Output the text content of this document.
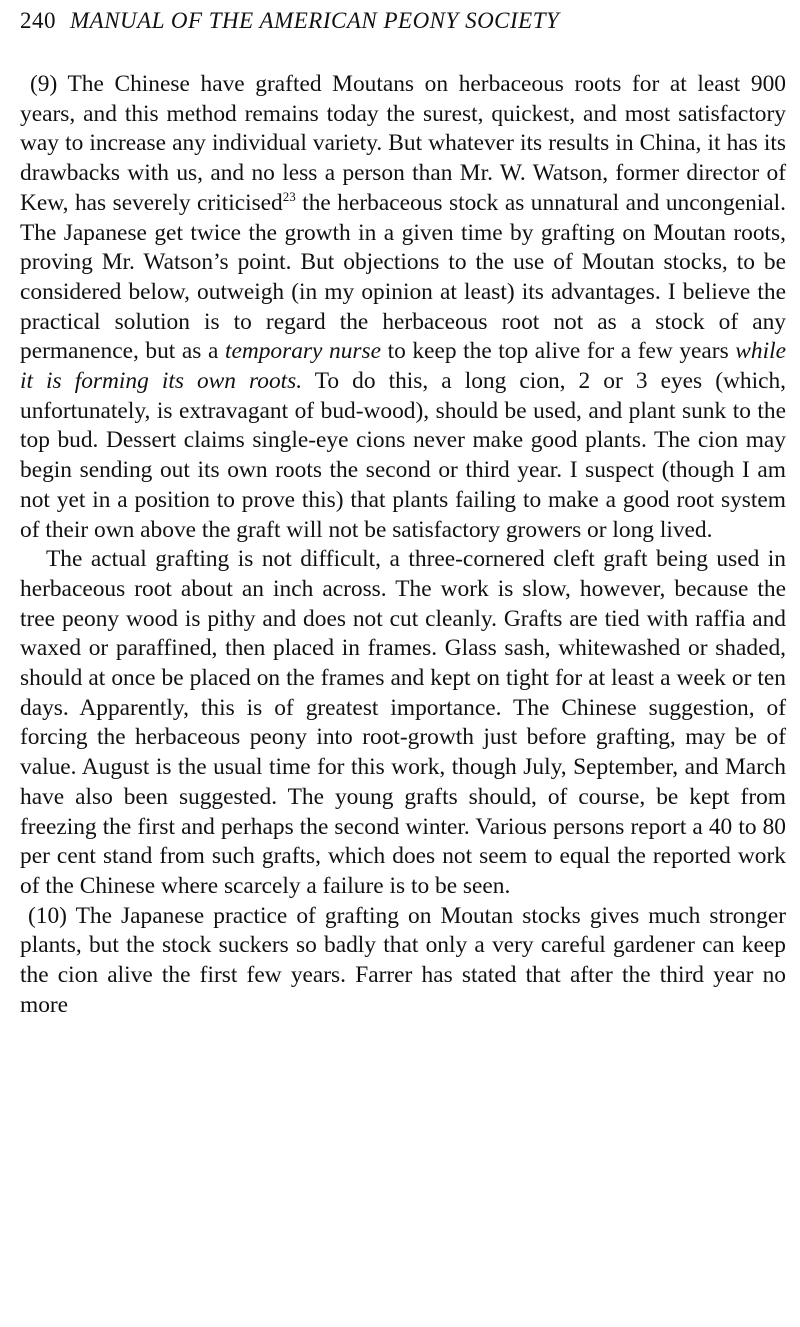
240 MANUAL OF THE AMERICAN PEONY SOCIETY

(9) The Chinese have grafted Moutans on herbaceous roots for at least 900 years, and this method remains today the surest, quickest, and most satisfactory way to increase any individual variety. But whatever its results in China, it has its drawbacks with us, and no less a person than Mr. W. Watson, former director of Kew, has severely criticised$^{23}$ the herbaceous stock as unnatural and uncongenial. The Japanese get twice the growth in a given time by grafting on Moutan roots, proving Mr. Watson’s point. But objections to the use of Moutan stocks, to be considered below, outweigh (in my opinion at least) its advantages. I believe the practical solution is to regard the herbaceous root not as a stock of any permanence, but as a temporary nurse to keep the top alive for a few years while it is forming its own roots. To do this, a long cion, 2 or 3 eyes (which, unfortunately, is extravagant of bud-wood), should be used, and plant sunk to the top bud. Dessert claims single-eye cions never make good plants. The cion may begin sending out its own roots the second or third year. I suspect (though I am not yet in a position to prove this) that plants failing to make a good root system of their own above the graft will not be satisfactory growers or long lived.

The actual grafting is not difficult, a three-cornered cleft graft being used in herbaceous root about an inch across. The work is slow, however, because the tree peony wood is pithy and does not cut cleanly. Grafts are tied with raffia and waxed or paraffined, then placed in frames. Glass sash, whitewashed or shaded, should at once be placed on the frames and kept on tight for at least a week or ten days. Apparently, this is of greatest importance. The Chinese suggestion, of forcing the herbaceous peony into root-growth just before grafting, may be of value. August is the usual time for this work, though July, September, and March have also been suggested. The young grafts should, of course, be kept from freezing the first and perhaps the second winter. Various persons report a 40 to 80 per cent stand from such grafts, which does not seem to equal the reported work of the Chinese where scarcely a failure is to be seen.

(10) The Japanese practice of grafting on Moutan stocks gives much stronger plants, but the stock suckers so badly that only a very careful gardener can keep the cion alive the first few years. Farrer has stated that after the third year no more
